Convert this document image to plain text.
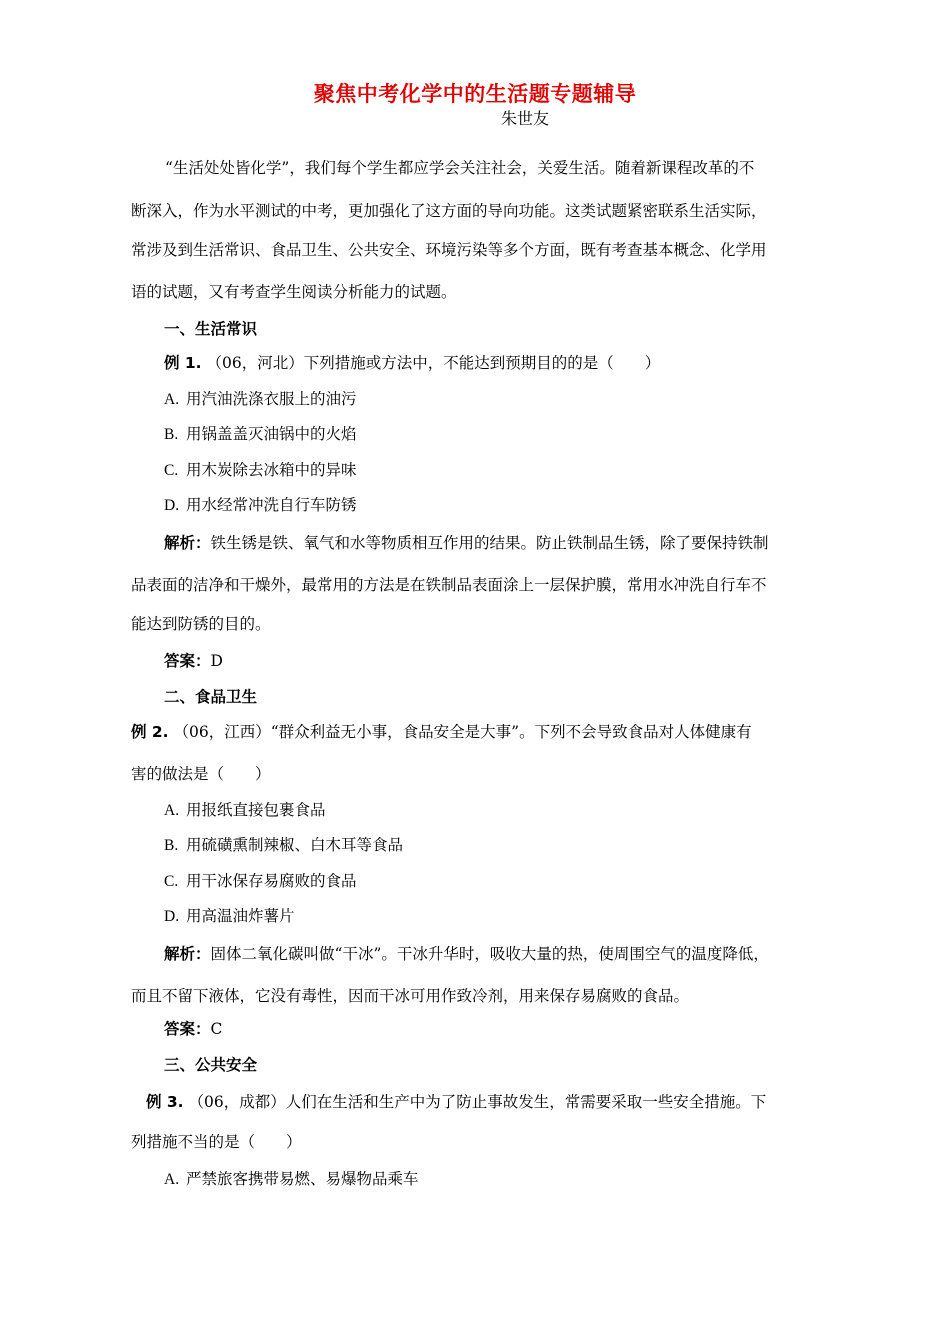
聚焦中考化学中的生活题专题辅导
朱世友
“生活处处皆化学”，我们每个学生都应学会关注社会，关爱生活。随着新课程改革的不
断深入，作为水平测试的中考，更加强化了这方面的导向功能。这类试题紧密联系生活实际，
常涉及到生活常识、食品卫生、公共安全、环境污染等多个方面，既有考查基本概念、化学用
语的试题，又有考查学生阅读分析能力的试题。
一、生活常识
例 1. （06，河北）下列措施或方法中，不能达到预期目的的是（　　）
A. 用汽油洗涤衣服上的油污
B. 用锅盖盖灭油锅中的火焰
C. 用木炭除去冰箱中的异味
D. 用水经常冲洗自行车防锈
解析：铁生锈是铁、氧气和水等物质相互作用的结果。防止铁制品生锈，除了要保持铁制
品表面的洁净和干燥外，最常用的方法是在铁制品表面涂上一层保护膜，常用水冲洗自行车不
能达到防锈的目的。
答案：D
二、食品卫生
例 2. （06，江西）“群众利益无小事，食品安全是大事”。下列不会导致食品对人体健康有
害的做法是（　　）
A. 用报纸直接包裹食品
B. 用硫磺熏制辣椒、白木耳等食品
C. 用干冰保存易腐败的食品
D. 用高温油炸薯片
解析：固体二氧化碳叫做“干冰”。干冰升华时，吸收大量的热，使周围空气的温度降低，
而且不留下液体，它没有毒性，因而干冰可用作致冷剂，用来保存易腐败的食品。
答案：C
三、公共安全
例 3. （06，成都）人们在生活和生产中为了防止事故发生，常需要采取一些安全措施。下
列措施不当的是（　　）
A. 严禁旅客携带易燃、易爆物品乘车
